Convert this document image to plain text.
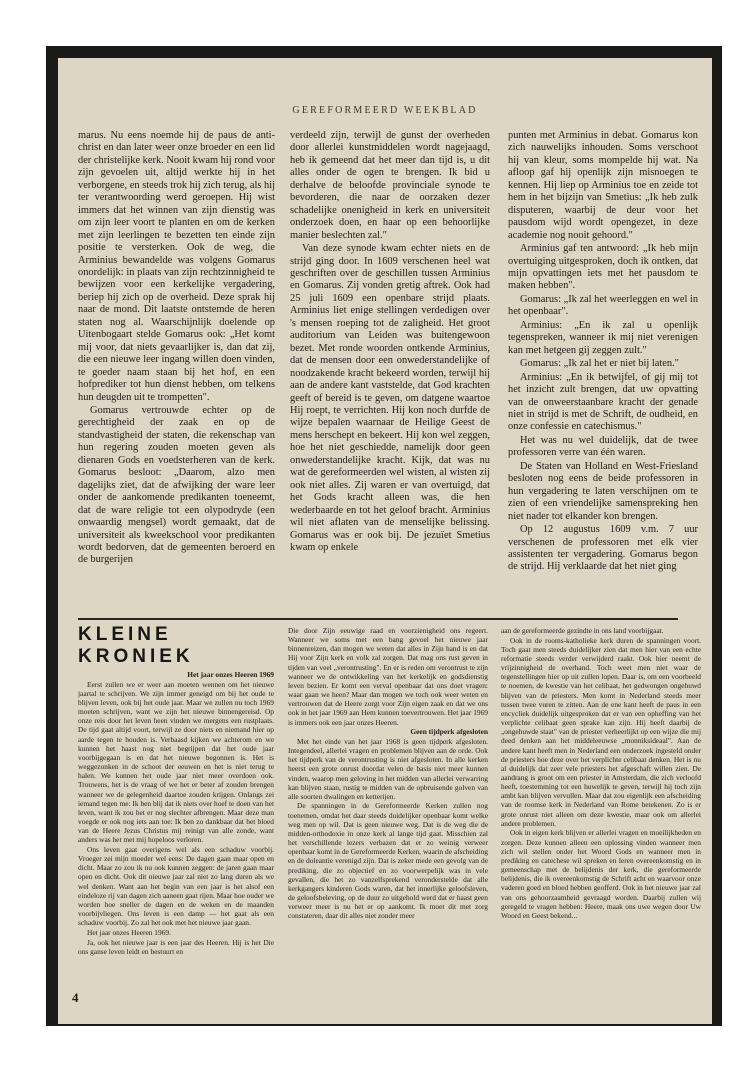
GEREFORMEERD WEEKBLAD

marus. Nu eens noemde hij de paus de anti-christ en dan later weer onze broeder en een lid der christelijke kerk. Nooit kwam hij rond voor zijn gevoelen uit, altijd werkte hij in het verborgene, en steeds trok hij zich terug, als hij ter verantwoording werd geroepen. Hij wist immers dat het winnen van zijn dienstig was om zijn leer voort te planten en om de kerken met zijn leerlingen te bezetten ten einde zijn positie te versterken. Ook de weg, die Arminius bewandelde was volgens Gomarus onordelijk: in plaats van zijn rechtzinnigheid te bewijzen voor een kerkelijke vergadering, beriep hij zich op de overheid. Deze sprak hij naar de mond. Dit laatste ontstemde de heren staten nog al. Waarschijnlijk doelende op Uitenbogaart stelde Gomarus ook: „Het komt mij voor, dat niets gevaarlijker is, dan dat zij, die een nieuwe leer ingang willen doen vinden, te goeder naam staan bij het hof, en een hofprediker tot hun dienst hebben, om telkens hun deugden uit te trompetten".

Gomarus vertrouwde echter op de gerechtigheid der zaak en op de standvastigheid der staten, die rekenschap van hun regering zouden moeten geven als dienaren Gods en voedsterheren van de kerk. Gomarus besloot: „Daarom, alzo men dagelijks ziet, dat de afwijking der ware leer onder de aankomende predikanten toeneemt, dat de ware religie tot een olypodryde (een onwaardig mengsel) wordt gemaakt, dat de universiteit als kweekschool voor predikanten wordt bedorven, dat de gemeenten beroerd en de burgerijen

verdeeld zijn, terwijl de gunst der overheden door allerlei kunstmiddelen wordt nagejaagd, heb ik gemeend dat het meer dan tijd is, u dit alles onder de ogen te brengen. Ik bid u derhalve de beloofde provinciale synode te bevorderen, die naar de oorzaken dezer schadelijke onenigheid in kerk en universiteit onderzoek doen, en haar op een behoorlijke manier beslechten zal."

Van deze synode kwam echter niets en de strijd ging door. In 1609 verschenen heel wat geschriften over de geschillen tussen Arminius en Gomarus. Zij vonden gretig aftrek. Ook had 25 juli 1609 een openbare strijd plaats. Arminius liet enige stellingen verdedigen over 's mensen roeping tot de zaligheid. Het groot auditorium van Leiden was buitengewoon bezet. Met ronde woorden ontkende Arminius, dat de mensen door een onwederstandelijke of noodzakende kracht bekeerd worden, terwijl hij aan de andere kant vaststelde, dat God krachten geeft of bereid is te geven, om datgene waartoe Hij roept, te verrichten. Hij kon noch durfde de wijze bepalen waarnaar de Heilige Geest de mens herschept en bekeert. Hij kon wel zeggen, hoe het niet geschiedde, namelijk door geen onwederstandelijke kracht. Kijk, dat was nu wat de gereformeerden wel wisten, al wisten zij ook niet alles. Zij waren er van overtuigd, dat het Gods kracht alleen was, die hen wederbaarde en tot het geloof bracht. Arminius wil niet aflaten van de menselijke belissing. Gomarus was er ook bij. De jezuïet Smetius kwam op enkele

punten met Arminius in debat. Gomarus kon zich nauwelijks inhouden. Soms verschoot hij van kleur, soms mompelde hij wat. Na afloop gaf hij openlijk zijn misnoegen te kennen. Hij liep op Arminius toe en zeide tot hem in het bijzijn van Smetius: „Ik heb zulk disputeren, waarbij de deur voor het pausdom wijd wordt opengezet, in deze academie nog nooit gehoord."

Arminius gaf ten antwoord: „Ik heb mijn overtuiging uitgesproken, doch ik ontken, dat mijn opvattingen iets met het pausdom te maken hebben".

Gomarus: „Ik zal het weerleggen en wel in het openbaar".

Arminius: „En ik zal u openlijk tegenspreken, wanneer ik mij niet verenigen kan met hetgeen gij zeggen zult."

Gomarus: „Ik zal het er niet bij laten."

Arminius: „En ik betwijfel, of gij mij tot het inzicht zult brengen, dat uw opvatting van de onweerstaanbare kracht der genade niet in strijd is met de Schrift, de oudheid, en onze confessie en catechismus."

Het was nu wel duidelijk, dat de twee professoren verre van één waren.

De Staten van Holland en West-Friesland besloten nog eens de beide professoren in hun vergadering te laten verschijnen om te zien of een vriendelijke samenspreking hen niet nader tot elkander kon brengen.

Op 12 augustus 1609 v.m. 7 uur verschenen de professoren met elk vier assistenten ter vergadering. Gomarus begon de strijd. Hij verklaarde dat het niet ging

KLEINE KRONIEK

Het jaar onzes Heeren 1969

Eerst zullen we er weer aan moeten wennen om het nieuwe jaartal te schrijven. We zijn immer geneigd om bij het oude te blijven leven, ook bij het oude jaar. Maar we zullen nu toch 1969 moeten schrijven, want we zijn het nieuwe binnengereisd. Op onze reis door het leven heen vinden we mergens een rustplaats. De tijd gaat altijd voort, terwijl ze door niets en niemand hier op aarde tegen te houden is. Verbaasd kijken we achterom en we kunnen het haast nog niet begrijpen dat het oude jaar voorbijgegaan is en dat het nieuwe begonnen is. Het is weggezonken in de schoot der eeuwen en het is niet terug te halen. We kunnen het oude jaar niet meer overdoen ook. Trouwens, het is de vraag of we het er beter af zouden brengen wanneer we de gelegenheid daartoe zouden krijgen. Onlangs zei iemand tegen me: Ik ben blij dat ik niets over hoef te doen van het leven, want ik zou het er nog slechter afbrengen. Maar deze man voegde er ook nog iets aan toe: Ik ben zo dankbaar dat het bloed van de Heere Jezus Christus mij reinigt van alle zonde, want anders was het met mij hopeloos verloren.

Ons leven gaat overigens wel als een schaduw voorbij. Vroeger zei mijn moeder wel eens: De dagen gaan maar open en dicht. Maar zo zou ik nu ook kunnen zeggen: de jaren gaan maar open en dicht. Ook dit nieuwe jaar zal niet zo lang duren als we wel denken. Want aan het begin van een jaar is het alsof een eindeloze rij van dagen zich aaneen gaat rijen. Maar hoe ouder we worden hoe sneller de dagen en de weken en de maanden voorbijvliegen. Ons leven is een damp — het gaat als een schaduw voorbij. Zo zal het ook met het nieuwe jaar gaan.

Het jaar onzes Heeren 1969.

Ja, ook het nieuwe jaar is een jaar des Heeren. Hij is het Die ons ganse leven leidt en bestuurt en

Die door Zijn eeuwige raad en voorzienigheid ons regeert. Wanneer we soms met een bang gevoel het nieuwe jaar binnenreizen, dan mogen we weten dat alles in Zijn hand is en dat Hij voor Zijn kerk en volk zal zorgen. Dat mag ons rust geven in tijden van veel „verontrusting". En er is reden om verontrust te zijn wanneer we de ontwikkeling van het kerkelijk en godsdienstig leven bezien. Er komt een verval openbaar dat ons doet vragen: waar gaan we heen? Maar dan mogen we toch ook weer weten en vertrouwen dat de Heere zorgt voor Zijn eigen zaak en dat we ons ook in het jaar 1969 aan Hem kunnen toevertrouwen. Het jaar 1969 is immers ook een jaar onzes Heeren.

Geen tijdperk afgesloten

Met het einde van het jaar 1968 is geen tijdperk afgesloten. Integendeel, allerlei vragen en problemen blijven aan de orde. Ook het tijdperk van de verontrusting is niet afgesloten. In alle kerken heerst een grote onrust doordat velen de basis niet meer kunnen vinden, waarop men geloving in het midden van allerlei verwarring kan blijven staan, rustig te midden van de opbruisende golven van alle soorten dwalingen en ketterijen.

De spanningen in de Gereformeerde Kerken zullen nog toenemen, omdat het daar steeds duidelijker openbaar komt welke weg men op wil. Dat is geen nieuwe weg. Dat is de weg die de midden-orthodoxie in onze kerk al lange tijd gaat. Misschien zal het verschillende lezers verbazen dat er zo weinig verweer openbaar komt in de Gereformeerde Kerken, waarin de afscheiding en de doleantie verenigd zijn. Dat is zeker mede een gevolg van de prediking, die zo objectief en zo voorwerpelijk was in vele gevallen, die het zo vanzelfsprekend veronderstelde dat alle kerkgangers kinderen Gods waren, dat het innerlijke geloofsleven, de geloofsbeleving, op de duur zo uitgehold werd dat er haast geen verweer meer is nu het er op aankomt. Ik moet dit met zorg constateren, daar dit alles niet zonder meer

aan de gereformeerde gezindte in ons land voorbijgaat.

Ook in de rooms-katholieke kerk duren de spanningen voort. Toch gaat men steeds duidelijker zien dat men hier van een echte reformatie steeds verder verwijderd raakt. Ook hier neemt de vrijzinnigheid de overhand. Toch weet men niet waar de tegenstellingen hier op uit zullen lopen. Daar is, om een voorbeeld te noemen, de kwestie van het celibaat, het gedwongen ongehuwd blijven van de priesters. Men komt in Nederland steeds meer tussen twee vuren te zitten. Aan de ene kant heeft de paus in een encycliek duidelijk uitgesproken dat er van een opheffing van het verplichte celibaat geen sprake kan zijn. Hij heeft daarbij de „ongehuwde staat" van de priester verheerlijkt op een wijze die mij deed denken aan het middeleeuwse „monniksideaal". Aan de andere kant heeft men in Nederland een onderzoek ingesteld onder de priesters hoe deze over het verplichte celibaat denken. Het is nu al duidelijk dat zeer vele priesters het afgeschaft willen zien. De aandrang is groot om een priester in Amsterdam, die zich verloofd heeft, toestemming tot een huwelijk te geven, terwijl hij toch zijn ambt kan blijven vervullen. Maar dat zou eigenlijk een afscheiding van de roomse kerk in Nederland van Rome betekenen. Zo is er grote onrust niet alleen om deze kwestie, maar ook om allerlei andere problemen.

Ook in eigen kerk blijven er allerlei vragen en moeilijkheden en zorgen. Deze kunnen alleen een oplossing vinden wanneer men zich wil stellen onder het Woord Gods en wanneer men in prediking en catechese wil spreken en leren overeenkomstig en in gemeenschap met de belijdenis der kerk, die gereformeerde belijdenis, die ik overeenkomstig de Schrift acht en waarvoor onze vaderen goed en bloed hebben geofferd. Ook in het nieuwe jaar zal van ons gehoorzaamheid gevraagd worden. Daarbij zullen wij geregeld te vragen hebben: Heere, maak ons uwe wegen door Uw Woord en Geest bekend...

4
